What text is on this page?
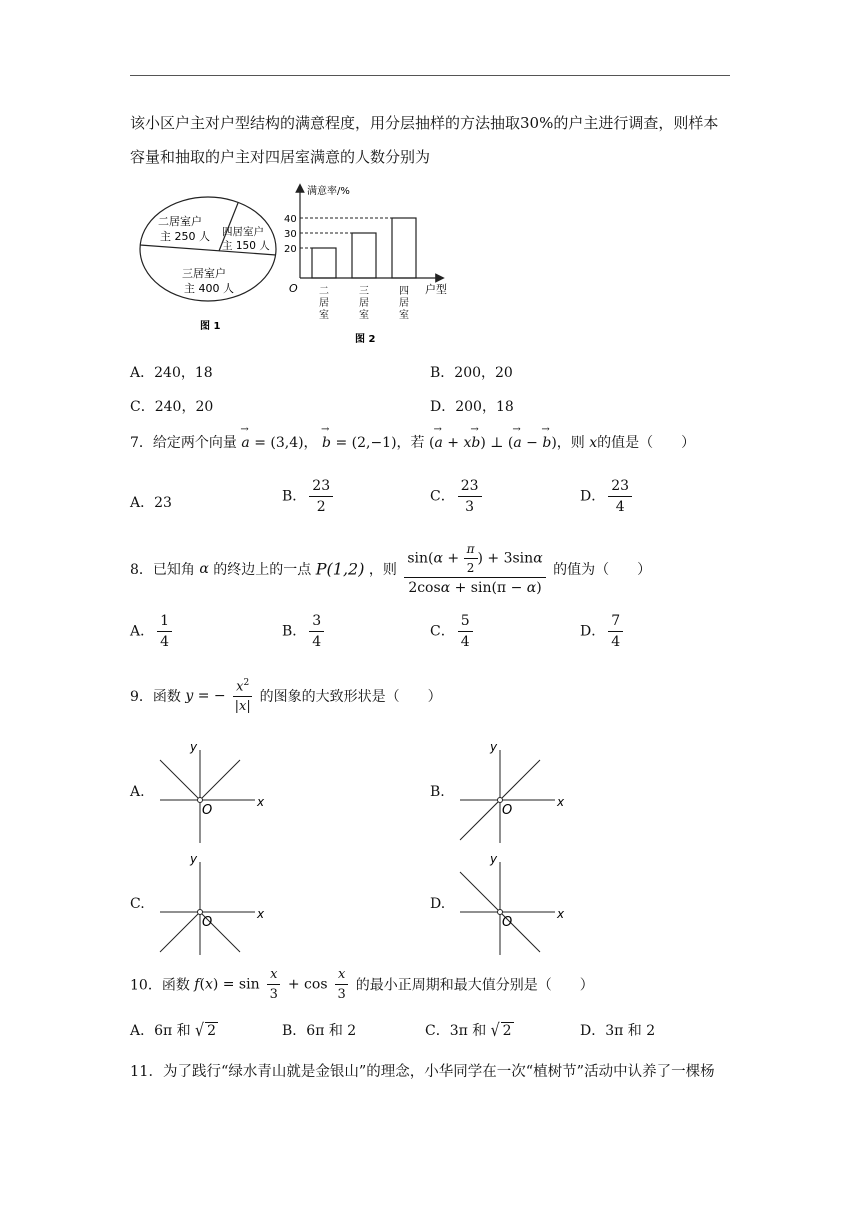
该小区户主对户型结构的满意程度，用分层抽样的方法抽取30%的户主进行调查，则样本
容量和抽取的户主对四居室满意的人数分别为
二居室户
主 250 人 四居室户
主 150 人
三居室户
主 400 人
图 1
满意率/%
户型
O
20
30
40
二
居
室
三
居
室
四
居
室
图 2
A．240，18	B．200，20
C．240，20	D．200，18
7．给定两个向量 → a = (3,4)， → b = (2,−1)，若 (→ a + x→ b) ⊥ (→ a − → b)，则 x的值是（　　）
A．23	B． $\frac{23}{2}$	C． $\frac{23}{3}$	D． $\frac{23}{4}$
8．已知角 α 的终边上的一点 P(1,2) ，则 $\frac{\sin(\alpha + \frac{\pi}{2} ) + 3\sin\alpha}{2\cos\alpha + \sin(\pi - \alpha)}$ 的值为（　　）
A． $\frac{1}{4}$	B． $\frac{3}{4}$	C． $\frac{5}{4}$	D． $\frac{7}{4}$
9．函数 y = − $\frac{x^2}{|x|}$ 的图象的大致形状是（　　）
A.	B.
C.	D.
x
y
O
x
y
O
x
y
O
x
y
O
10．函数 $f(x) = \sin \frac{x}{3} + \cos \frac{x}{3}$ 的最小正周期和最大值分别是（　　）
A．6π 和 √ 2	B．6π 和 2	C．3π 和 √ 2	D．3π 和 2
11．为了践行“绿水青山就是金银山”的理念，小华同学在一次“植树节”活动中认养了一棵杨
